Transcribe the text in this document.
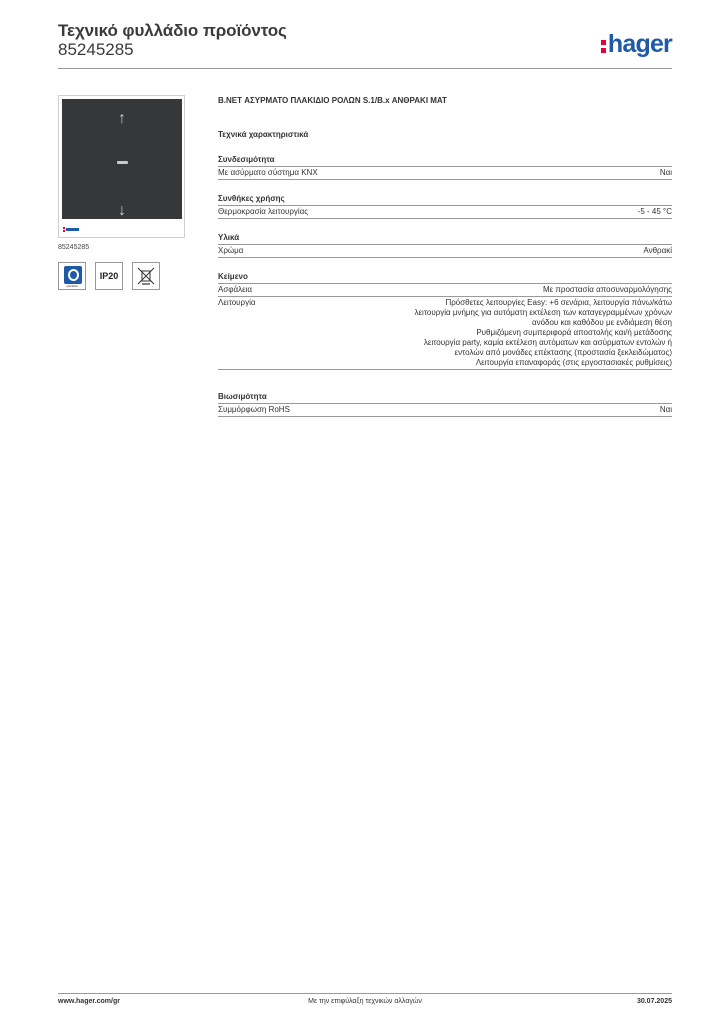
Τεχνικό φυλλάδιο προϊόντος
85245285	hager
↑
↓
85245285
quicklink
IP20
B.NET ΑΣΥΡΜΑΤΟ ΠΛΑΚΙΔΙΟ ΡΟΛΩΝ S.1/B.x ΑΝΘΡΑΚΙ ΜΑΤ
Τεχνικά χαρακτηριστικά
Συνδεσιμότητα
Με ασύρματο σύστημα KNX	Ναι
Συνθήκες χρήσης
Θερμοκρασία λειτουργίας	-5 - 45 °C
Υλικά
Χρώμα	Ανθρακί
Κείμενο
Ασφάλεια	Με προστασία αποσυναρμολόγησης
Λειτουργία	Πρόσθετες λειτουργίες Easy: +6 σενάρια, λειτουργία πάνω/κάτω
λειτουργία μνήμης για αυτόματη εκτέλεση των καταγεγραμμένων χρόνων
ανόδου και καθόδου με ενδιάμεση θέση
Ρυθμιζόμενη συμπεριφορά αποστολής και/ή μετάδοσης
λειτουργία party, καμία εκτέλεση αυτόματων και ασύρματων εντολών ή
εντολών από μονάδες επέκτασης (προστασία ξεκλειδώματος)
Λειτουργία επαναφοράς (στις εργοστασιακές ρυθμίσεις)
Βιωσιμότητα
Συμμόρφωση RoHS	Ναι
www.hager.com/gr	Με την επιφύλαξη τεχνικών αλλαγών	30.07.2025
